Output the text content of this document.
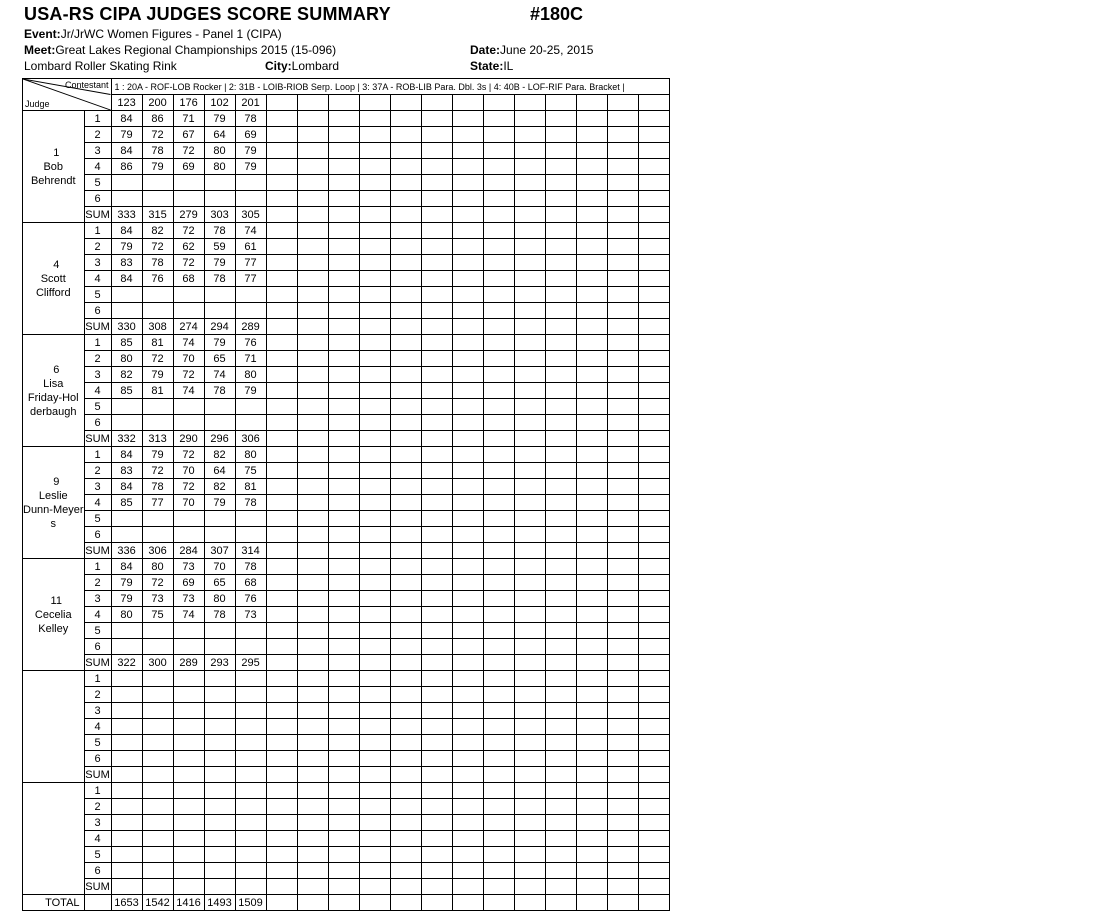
USA-RS CIPA JUDGES SCORE SUMMARY	#180C
Event:Jr/JrWC Women Figures - Panel 1 (CIPA)
Meet:Great Lakes Regional Championships 2015 (15-096)	Date:June 20-25, 2015
Lombard Roller Skating Rink	City:Lombard	State:IL
Contestant
Judge		1 : 20A - ROF-LOB Rocker | 2: 31B - LOIB-RIOB Serp. Loop | 3: 37A - ROB-LIB Para. Dbl. 3s | 4: 40B - LOF-RIF Para. Bracket |																	
		123	200	176	102	201													

1
Bob
Behrendt	1	84	86	71	79	78													
	2	79	72	67	64	69													
	3	84	78	72	80	79													
	4	86	79	69	80	79													
	5																		
	6																		
	SUM	333	315	279	303	305													

4
Scott
Clifford	1	84	82	72	78	74													
	2	79	72	62	59	61													
	3	83	78	72	79	77													
	4	84	76	68	78	77													
	5																		
	6																		
	SUM	330	308	274	294	289													

6
Lisa
Friday-Hol
derbaugh	1	85	81	74	79	76													
	2	80	72	70	65	71													
	3	82	79	72	74	80													
	4	85	81	74	78	79													
	5																		
	6																		
	SUM	332	313	290	296	306													

9
Leslie
Dunn-Meyer
s	1	84	79	72	82	80													
	2	83	72	70	64	75													
	3	84	78	72	82	81													
	4	85	77	70	79	78													
	5																		
	6																		
	SUM	336	306	284	307	314													

11
Cecelia
Kelley	1	84	80	73	70	78													
	2	79	72	69	65	68													
	3	79	73	73	80	76													
	4	80	75	74	78	73													
	5																		
	6																		
	SUM	322	300	289	293	295													

	1																		
	2																		
	3																		
	4																		
	5																		
	6																		
	SUM																		

	1																		
	2																		
	3																		
	4																		
	5																		
	6																		
	SUM																		
TOTAL		1653	1542	1416	1493	1509													
